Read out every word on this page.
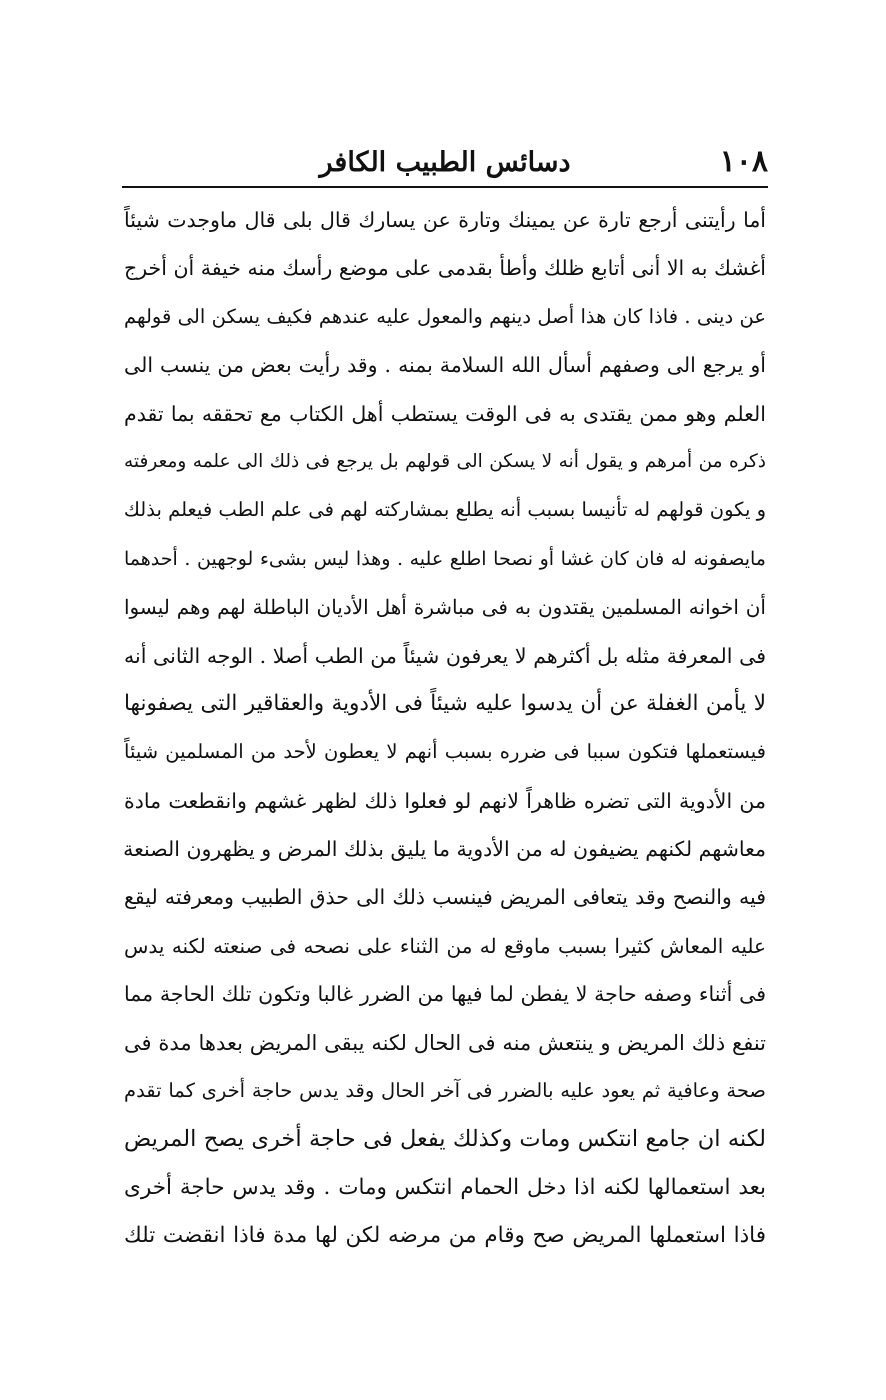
١٠٨
دسائس الطبيب الكافر
أما رأيتنى أرجع تارة عن يمينك وتارة عن يسارك قال بلى قال ماوجدت شيئاً
أغشك به الا أنى أتابع ظلك وأطأ بقدمى على موضع رأسك منه خيفة أن أخرج
عن دينى . فاذا كان هذا أصل دينهم والمعول عليه عندهم فكيف يسكن الى قولهم
أو يرجع الى وصفهم أسأل الله السلامة بمنه . وقد رأيت بعض من ينسب الى
العلم وهو ممن يقتدى به فى الوقت يستطب أهل الكتاب مع تحققه بما تقدم
ذكره من أمرهم و يقول أنه لا يسكن الى قولهم بل يرجع فى ذلك الى علمه ومعرفته
و يكون قولهم له تأنيسا بسبب أنه يطلع بمشاركته لهم فى علم الطب فيعلم بذلك
مايصفونه له فان كان غشا أو نصحا اطلع عليه . وهذا ليس بشىء لوجهين . أحدهما
أن اخوانه المسلمين يقتدون به فى مباشرة أهل الأديان الباطلة لهم وهم ليسوا
فى المعرفة مثله بل أكثرهم لا يعرفون شيئاً من الطب أصلا . الوجه الثانى أنه
لا يأمن الغفلة عن أن يدسوا عليه شيئاً فى الأدوية والعقاقير التى يصفونها
فيستعملها فتكون سببا فى ضرره بسبب أنهم لا يعطون لأحد من المسلمين شيئاً
من الأدوية التى تضره ظاهراً لانهم لو فعلوا ذلك لظهر غشهم وانقطعت مادة
معاشهم لكنهم يضيفون له من الأدوية ما يليق بذلك المرض و يظهرون الصنعة
فيه والنصح وقد يتعافى المريض فينسب ذلك الى حذق الطبيب ومعرفته ليقع
عليه المعاش كثيرا بسبب ماوقع له من الثناء على نصحه فى صنعته لكنه يدس
فى أثناء وصفه حاجة لا يفطن لما فيها من الضرر غالبا وتكون تلك الحاجة مما
تنفع ذلك المريض و ينتعش منه فى الحال لكنه يبقى المريض بعدها مدة فى
صحة وعافية ثم يعود عليه بالضرر فى آخر الحال وقد يدس حاجة أخرى كما تقدم
لكنه ان جامع انتكس ومات وكذلك يفعل فى حاجة أخرى يصح المريض
بعد استعمالها لكنه اذا دخل الحمام انتكس ومات . وقد يدس حاجة أخرى
فاذا استعملها المريض صح وقام من مرضه لكن لها مدة فاذا انقضت تلك
